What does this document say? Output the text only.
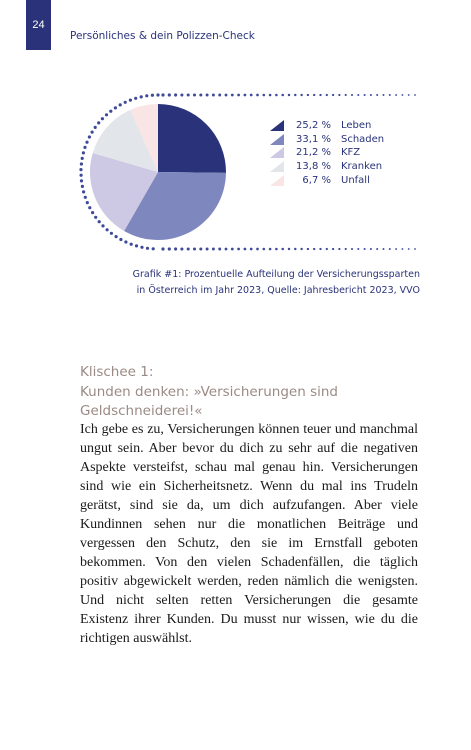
24
Persönliches & dein Polizzen-Check
25,2 % Leben
33,1 % Schaden
21,2 % KFZ
13,8 % Kranken
6,7 % Unfall
Grafik #1: Prozentuelle Aufteilung der Versicherungssparten
in Österreich im Jahr 2023, Quelle: Jahresbericht 2023, VVO
Klischee 1:
Kunden denken: »Versicherungen sind
Geldschneiderei!«
Ich gebe es zu, Versicherungen können teuer und manchmal ungut sein. Aber bevor du dich zu sehr auf die negativen Aspekte versteifst, schau mal genau hin. Versicherungen sind wie ein Sicherheitsnetz. Wenn du mal ins Trudeln gerätst, sind sie da, um dich aufzufangen. Aber viele Kundinnen sehen nur die monatlichen Beiträge und vergessen den Schutz, den sie im Ernstfall geboten bekommen. Von den vielen Schadenfällen, die täglich positiv abgewickelt werden, reden nämlich die wenigsten. Und nicht selten retten Versicherungen die gesamte Existenz ihrer Kunden. Du musst nur wissen, wie du die richtigen auswählst.
